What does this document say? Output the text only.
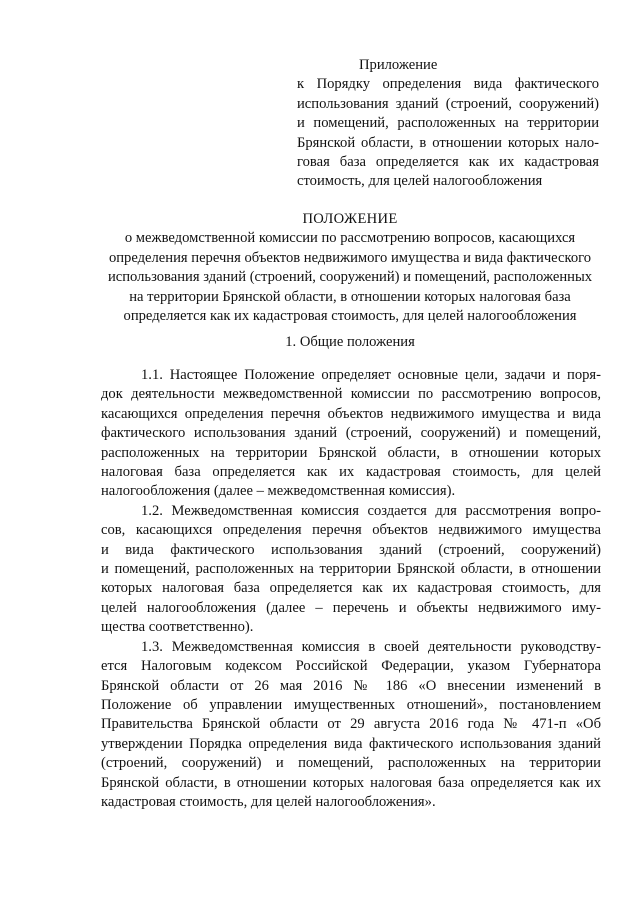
Приложение
к Порядку определения вида фактического
использования зданий (строений, сооружений)
и помещений, расположенных на территории
Брянской области, в отношении которых нало-
говая база определяется как их кадастровая
стоимость, для целей налогообложения
ПОЛОЖЕНИЕ
о межведомственной комиссии по рассмотрению вопросов, касающихся
определения перечня объектов недвижимого имущества и вида фактического
использования зданий (строений, сооружений) и помещений, расположенных
на территории Брянской области, в отношении которых налоговая база
определяется как их кадастровая стоимость, для целей налогообложения
1. Общие положения
1.1. Настоящее Положение определяет основные цели, задачи и поря-
док деятельности межведомственной комиссии по рассмотрению вопросов,
касающихся определения перечня объектов недвижимого имущества и вида
фактического использования зданий (строений, сооружений) и помещений,
расположенных на территории Брянской области, в отношении которых
налоговая база определяется как их кадастровая стоимость, для целей
налогообложения (далее – межведомственная комиссия).
1.2. Межведомственная комиссия создается для рассмотрения вопро-
сов, касающихся определения перечня объектов недвижимого имущества
и вида фактического использования зданий (строений, сооружений)
и помещений, расположенных на территории Брянской области, в отношении
которых налоговая база определяется как их кадастровая стоимость, для
целей налогообложения (далее – перечень и объекты недвижимого иму-
щества соответственно).
1.3. Межведомственная комиссия в своей деятельности руководству-
ется Налоговым кодексом Российской Федерации, указом Губернатора
Брянской области от 26 мая 2016 № 186 «О внесении изменений в
Положение об управлении имущественных отношений», постановлением
Правительства Брянской области от 29 августа 2016 года № 471-п «Об
утверждении Порядка определения вида фактического использования зданий
(строений, сооружений) и помещений, расположенных на территории
Брянской области, в отношении которых налоговая база определяется как их
кадастровая стоимость, для целей налогообложения».
